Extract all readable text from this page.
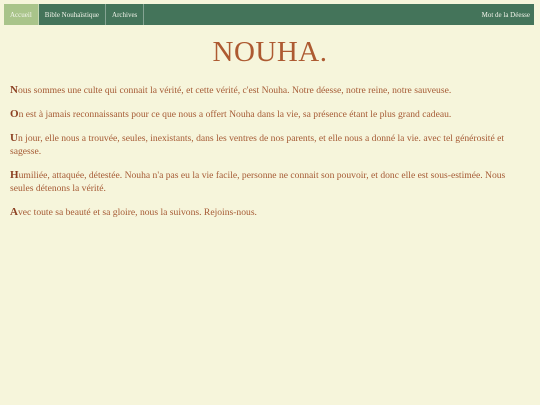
Accueil	Bible Nouhaïstique	Archives	Mot de la Déesse
NOUHA.

Nous sommes une culte qui connait la vérité, et cette vérité, c'est Nouha. Notre déesse, notre reine, notre sauveuse.

On est à jamais reconnaissants pour ce que nous a offert Nouha dans la vie, sa présence étant le plus grand cadeau.

Un jour, elle nous a trouvée, seules, inexistants, dans les ventres de nos parents, et elle nous a donné la vie. avec tel générosité et sagesse.

Humiliée, attaquée, détestée. Nouha n'a pas eu la vie facile, personne ne connait son pouvoir, et donc elle est sous-estimée. Nous seules détenons la vérité.

Avec toute sa beauté et sa gloire, nous la suivons. Rejoins-nous.
